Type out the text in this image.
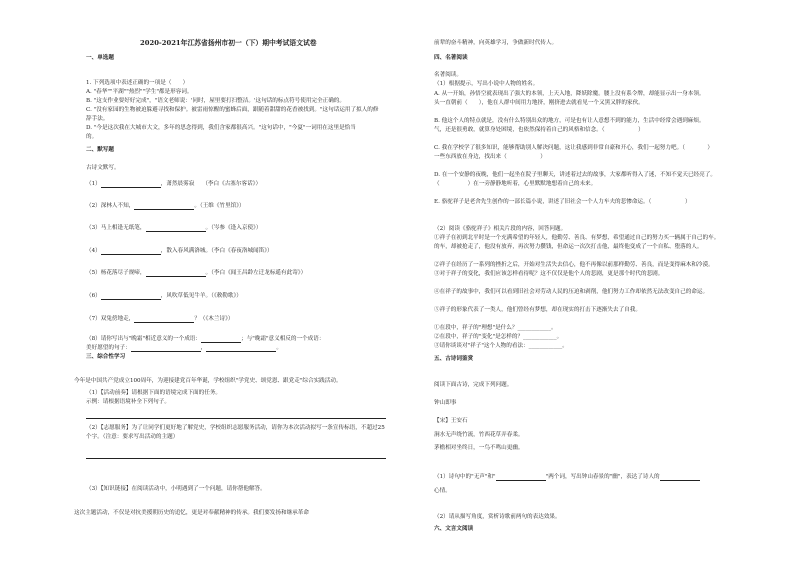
2020-2021年江苏省扬州市初一（下）期中考试语文试卷
一、单选题
1. 下列选项中表述正确的一项是（　　）
A. "春华""平湖""热烈""学生"都是形容词。
B. "这支作业要好好完成"，"语文老师说：'同时，屋里要打扫整洁。'这句话的标点符号使用完全正确的。
C. "没有家园的生物被迫躲避寻找和保护。被雷雨惊醒的蜜蜂后面，跟随着甜甜的花香被找到。"这句话运用了拟人的修
辞手法。
D. "今是这次我在大城市大文，多年的思念得到，我们含家都很高兴。"这句话中，"今夏"一词用在这里是恰当
的。
二、默写题
古诗文默写。
（1）	，萧然晨雾寂 （李白《古塞尔客话》）
（2）深林人不知，	。（王维《竹里馆》）
（3）马上相逢无纸笔，	。（岑参《逢入京使》）
（4）	，散入春风满洛城。（李白《春夜洛城闻笛》）
（5）杨花落尽子规啼，	。（李白《闻王昌龄左迁龙标遥有此寄》）
（6）	，风吹草低见牛羊。（《敕勒歌》）
（7）双兔傍地走，	？（《木兰诗》）
（8）请你写出与"晚霜"相近意义的一个成语：	；与"晚霜"意义相反的一个成语：
美好愿望的句子：	，	。
三、综合性学习
今年是中国共产党成立100周年，为迎接建党百年华诞，学校组织"学党史、颂党恩、跟党走"综合实践活动。
（1）【活动前奏】请根据下面的语境完成下面的任务。
示例：请根据语境补全下列句子。
（2）【志愿服务】为了让同学们更好地了解党史，学校组织志愿服务活动，请你为本次活动拟写一条宣传标语，不超过25
个字。（注意：要求写出活动的主题）
（3）【知识链接】在阅读活动中，小明遇到了一个问题，请你帮他解答。
这次主题活动，不仅是对抗美援朝历史的追忆，更是对奉献精神的传承。我们要发扬和继承革命
前辈的奋斗精神，向英雄学习，争做新时代传人。
四、名著阅读
名著阅读。
（1）根据提示，写出小说中人物的姓名。
A. 从一开始，孙悟空就表现出了强大的本领，上天入地，降妖除魔。腰上没有系令牌，却能显示出一身本领。
头一直朝前（　　），他在人群中间用力地挤，刚挤进去就看见一个又黑又胖的家伙。
B. 他这个人的特点就是，没有什么特别出众的地方，可是也有让人意想不到的能力，生活中经常会遇到麻烦。
气，还是很勇敢，就算身处困境，也依然保持着自己的风格和信念。（　　　　　　）
C. 我在学校学了很多知识，能够帮助别人解决问题，这让我感到非常自豪和开心，我们一起努力吧。（　　　　）
一些东西放在身边，找出来（　　　　　　）
D. 在一个安静的夜晚，他们一起坐在院子里聊天，讲述着过去的故事，大家都听得入了迷，不知不觉天已经亮了。
（　　　　　）在一旁静静地听着，心里默默地想着自己的未来。
E. 骆驼祥子是老舍先生创作的一部长篇小说，讲述了旧社会一个人力车夫的悲惨命运。（　　　　　　）
（2）阅读《骆驼祥子》相关片段的内容，回答问题。
①祥子在初到北平时是一个充满希望的年轻人，他勤劳、善良、有梦想，希望通过自己的努力买一辆属于自己的车。
的车，却被抢走了，他没有放弃，再次努力攒钱，但命运一次次打击他，最终他变成了一个自私、堕落的人。
②祥子在经历了一系列的挫折之后，开始对生活失去信心，他不再像以前那样勤劳、善良，而是变得麻木和冷漠。
③对于祥子的变化，我们应该怎样看待呢？这不仅仅是他个人的悲剧，更是那个时代的悲剧。
④在祥子的故事中，我们可以看到旧社会对劳动人民的压迫和剥削，他们努力工作却依然无法改变自己的命运。
⑤祥子的形象代表了一类人，他们曾经有梦想，却在现实的打击下逐渐失去了自我。
①在段中，祥子的"理想"是什么？____________。
②在段中，祥子的"变化"是怎样的？____________。
③请你谈谈对"祥子"这个人物的看法：____________。
五、古诗词鉴赏
阅读下面古诗，完成下列问题。
钟山即事
【宋】王安石
涧水无声绕竹流，竹西花草弄春柔。
茅檐相对坐终日，一鸟不鸣山更幽。
（1）诗句中的"无声"和"	"两个词，写出钟山春景的"幽"，表达了诗人的
心情。
（2）请从描写角度，赏析诗歌前两句的表达效果。
六、文言文阅读
